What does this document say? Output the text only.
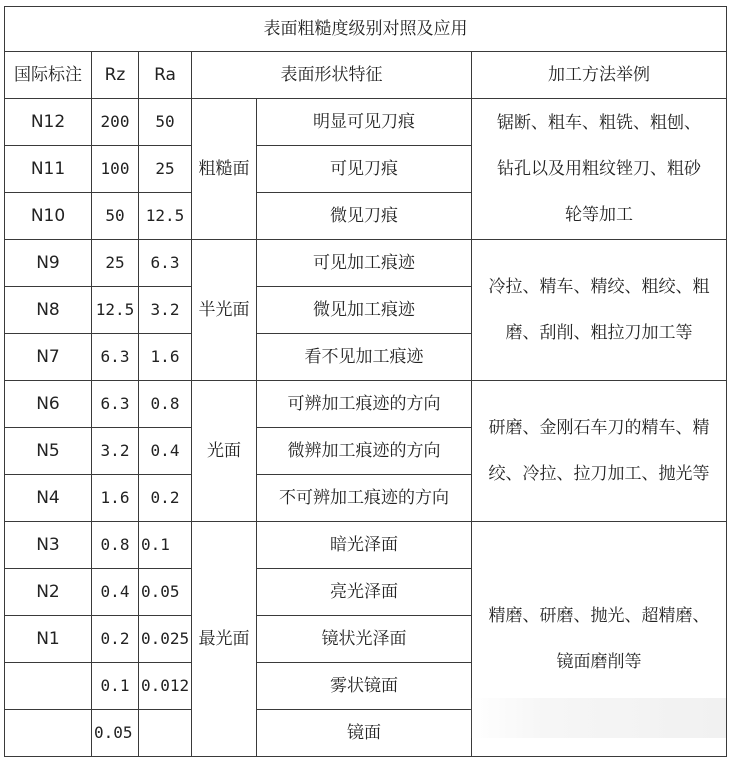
表面粗糙度级别对照及应用					
国际标注	Rz	Ra	表面形状特征		加工方法举例
N12	200	50	粗糙面	明显可见刀痕	锯断、粗车、粗铣、粗刨、
钻孔以及用粗纹锉刀、粗砂
轮等加工

N11	100	25		可见刀痕	
N10	50	12.5		微见刀痕	
N9	25	6.3	半光面	可见加工痕迹	冷拉、精车、精绞、粗绞、粗
磨、刮削、粗拉刀加工等

N8	12.5	3.2		微见加工痕迹	
N7	6.3	1.6		看不见加工痕迹	
N6	6.3	0.8	光面	可辨加工痕迹的方向	研磨、金刚石车刀的精车、精
绞、冷拉、拉刀加工、抛光等

N5	3.2	0.4		微辨加工痕迹的方向	
N4	1.6	0.2		不可辨加工痕迹的方向	
N3	0.8	0.1	最光面	暗光泽面	精磨、研磨、抛光、超精磨、
镜面磨削等

N2	0.4	0.05		亮光泽面	
N1	0.2	0.025		镜状光泽面	
	0.1	0.012		雾状镜面	
	0.05			镜面	
